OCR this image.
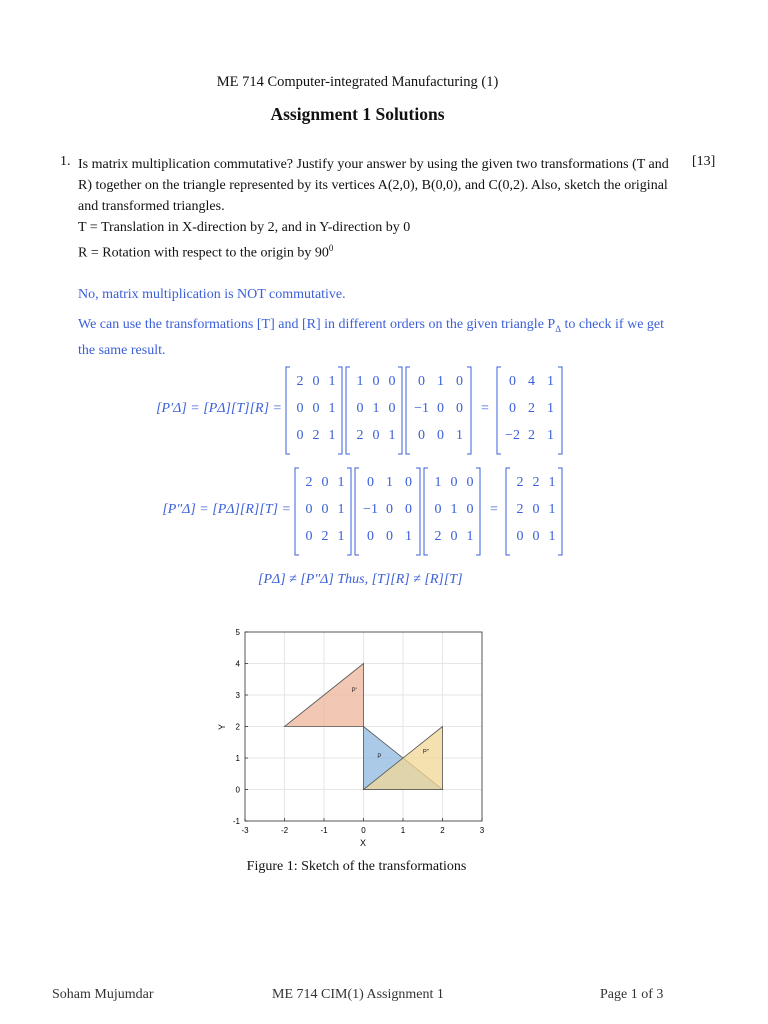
ME 714 Computer-integrated Manufacturing (1)
Assignment 1 Solutions
1.	[13]
Is matrix multiplication commutative? Justify your answer by using the given two transformations (T and
R) together on the triangle represented by its vertices A(2,0), B(0,0), and C(0,2). Also, sketch the original
and transformed triangles.
T = Translation in X-direction by 2, and in Y-direction by 0
R = Rotation with respect to the origin by $90^0$
No, matrix multiplication is NOT commutative.
We can use the transformations [T] and [R] in different orders on the given triangle $P_\Delta$ to check if we get
the same result.
[P′Δ] = [PΔ][T][R] =
2 0 1
0 0 1
0 2 1
1 0 0
0 1 0
2 0 1
0 1 0
−1 0 0
0 0 1
=
0 4 1
0 2 1
−2 2 1
[P″Δ] = [PΔ][R][T] =
2 0 1
0 0 1
0 2 1
0 1 0
−1 0 0
0 0 1
1 0 0
0 1 0
2 0 1
=
2 2 1
2 0 1
0 0 1
[PΔ] ≠ [P″Δ] Thus, [T][R] ≠ [R][T]
P
P'
P"
-3	-2	-1	0	1	2	3
-1
0
1
2
3
4
5
X
Y
Figure 1: Sketch of the transformations
Soham Mujumdar	ME 714 CIM(1) Assignment 1	Page 1 of 3
